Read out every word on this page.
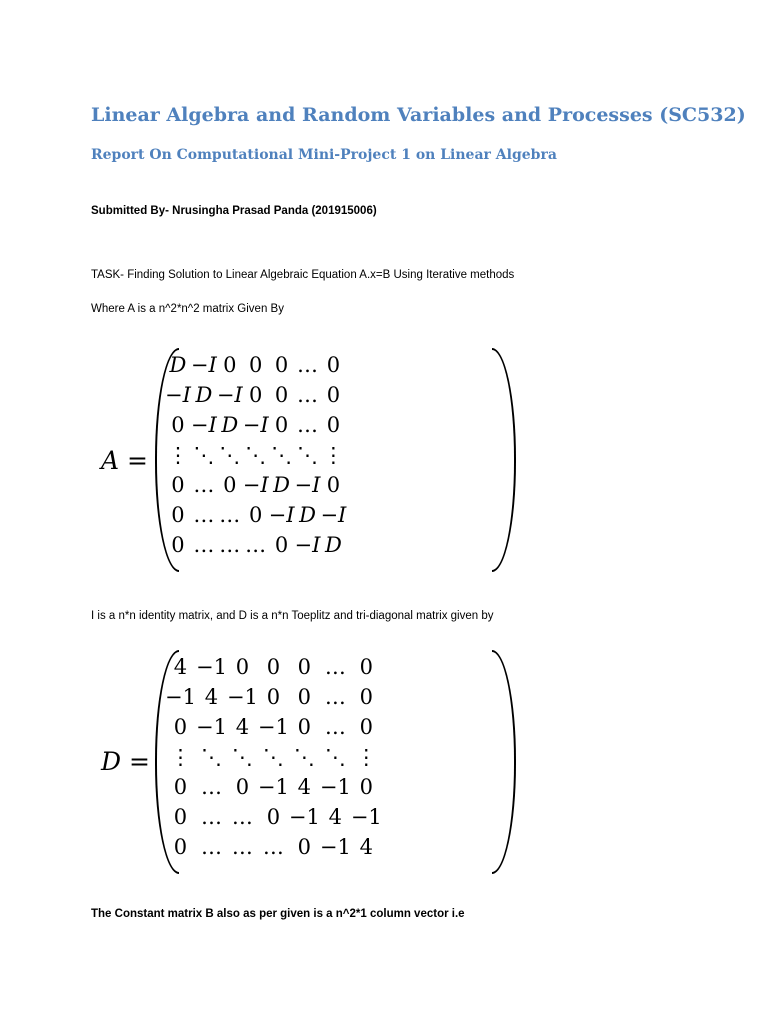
Linear Algebra and Random Variables and Processes (SC532)
Report On Computational Mini-Project 1 on Linear Algebra
Submitted By- Nrusingha Prasad Panda (201915006)
TASK- Finding Solution to Linear Algebraic Equation A.x=B Using Iterative methods
Where A is a n^2*n^2 matrix Given By
A =
D	−I	0	0	0	…	0
−I	D	−I	0	0	…	0
0	−I	D	−I	0	…	0
⋮	⋱	⋱	⋱	⋱	⋱	⋮
0	…	0	−I	D	−I	0
0	…	…	0	−I	D	−I
0	…	…	…	0	−I	D
I is a n*n identity matrix, and D is a n*n Toeplitz and tri-diagonal matrix given by
D =
4	−1	0	0	0	…	0
−1	4	−1	0	0	…	0
0	−1	4	−1	0	…	0
⋮	⋱	⋱	⋱	⋱	⋱	⋮
0	…	0	−1	4	−1	0
0	…	…	0	−1	4	−1
0	…	…	…	0	−1	4
The Constant matrix B also as per given is a n^2*1 column vector i.e
